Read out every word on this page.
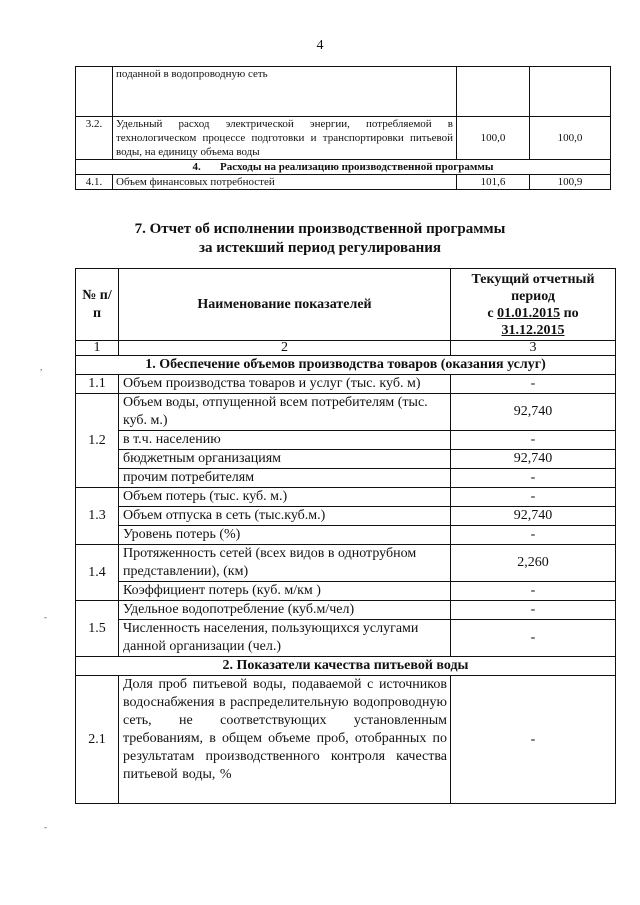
4
	поданной в водопроводную сеть		
3.2.	Удельный расход электрической энергии, потребляемой в технологическом процессе подготовки и транспортировки питьевой воды, на единицу объема воды	100,0	100,0
4. Расходы на реализацию производственной программы			
4.1.	Объем финансовых потребностей	101,6	100,9
7. Отчет об исполнении производственной программы
за истекший период регулирования
№ п/п	Наименование показателей	Текущий отчетный
период
с 01.01.2015 по
31.12.2015

1	2	3
1. Обеспечение объемов производства товаров (оказания услуг)		
1.1	Объем производства товаров и услуг (тыс. куб. м)	-
1.2	Объем воды, отпущенной всем потребителям (тыс. куб. м.)	92,740
	в т.ч. населению	-
	бюджетным организациям	92,740
	прочим потребителям	-
1.3	Объем потерь (тыс. куб. м.)	-
	Объем отпуска в сеть (тыс.куб.м.)	92,740
	Уровень потерь (%)	-
1.4	Протяженность сетей (всех видов в однотрубном представлении), (км)	2,260
	Коэффициент потерь (куб. м/км )	-
1.5	Удельное водопотребление (куб.м/чел)	-
	Численность населения, пользующихся услугами данной организации (чел.)	-
2. Показатели качества питьевой воды		
2.1	Доля проб питьевой воды, подаваемой с источников водоснабжения в распределительную водопроводную сеть, не соответствующих установленным требованиям, в общем объеме проб, отобранных по результатам производственного контроля качества питьевой воды, %	-
,
-
-
